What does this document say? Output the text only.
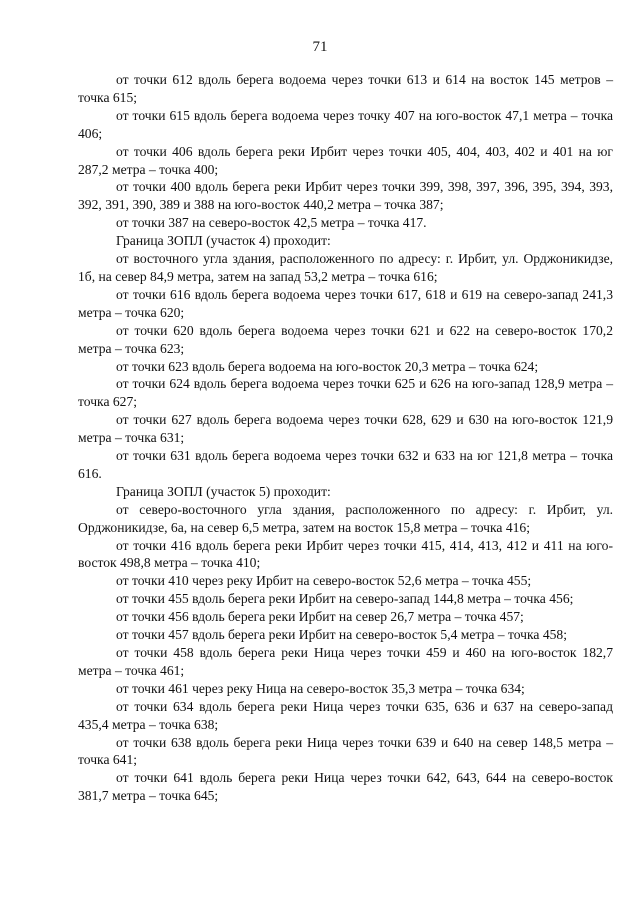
71

от точки 612 вдоль берега водоема через точки 613 и 614 на восток 145 метров – точка 615;

от точки 615 вдоль берега водоема через точку 407 на юго-восток 47,1 метра – точка 406;

от точки 406 вдоль берега реки Ирбит через точки 405, 404, 403, 402 и 401 на юг 287,2 метра – точка 400;

от точки 400 вдоль берега реки Ирбит через точки 399, 398, 397, 396, 395, 394, 393, 392, 391, 390, 389 и 388 на юго-восток 440,2 метра – точка 387;

от точки 387 на северо-восток 42,5 метра – точка 417.

Граница ЗОПЛ (участок 4) проходит:

от восточного угла здания, расположенного по адресу: г. Ирбит, ул. Орджоникидзе, 1б, на север 84,9 метра, затем на запад 53,2 метра – точка 616;

от точки 616 вдоль берега водоема через точки 617, 618 и 619 на северо-запад 241,3 метра – точка 620;

от точки 620 вдоль берега водоема через точки 621 и 622 на северо-восток 170,2 метра – точка 623;

от точки 623 вдоль берега водоема на юго-восток 20,3 метра – точка 624;

от точки 624 вдоль берега водоема через точки 625 и 626 на юго-запад 128,9 метра – точка 627;

от точки 627 вдоль берега водоема через точки 628, 629 и 630 на юго-восток 121,9 метра – точка 631;

от точки 631 вдоль берега водоема через точки 632 и 633 на юг 121,8 метра – точка 616.

Граница ЗОПЛ (участок 5) проходит:

от северо-восточного угла здания, расположенного по адресу: г. Ирбит, ул. Орджоникидзе, 6а, на север 6,5 метра, затем на восток 15,8 метра – точка 416;

от точки 416 вдоль берега реки Ирбит через точки 415, 414, 413, 412 и 411 на юго-восток 498,8 метра – точка 410;

от точки 410 через реку Ирбит на северо-восток 52,6 метра – точка 455;

от точки 455 вдоль берега реки Ирбит на северо-запад 144,8 метра – точка 456;

от точки 456 вдоль берега реки Ирбит на север 26,7 метра – точка 457;

от точки 457 вдоль берега реки Ирбит на северо-восток 5,4 метра – точка 458;

от точки 458 вдоль берега реки Ница через точки 459 и 460 на юго-восток 182,7 метра – точка 461;

от точки 461 через реку Ница на северо-восток 35,3 метра – точка 634;

от точки 634 вдоль берега реки Ница через точки 635, 636 и 637 на северо-запад 435,4 метра – точка 638;

от точки 638 вдоль берега реки Ница через точки 639 и 640 на север 148,5 метра – точка 641;

от точки 641 вдоль берега реки Ница через точки 642, 643, 644 на северо-восток 381,7 метра – точка 645;
